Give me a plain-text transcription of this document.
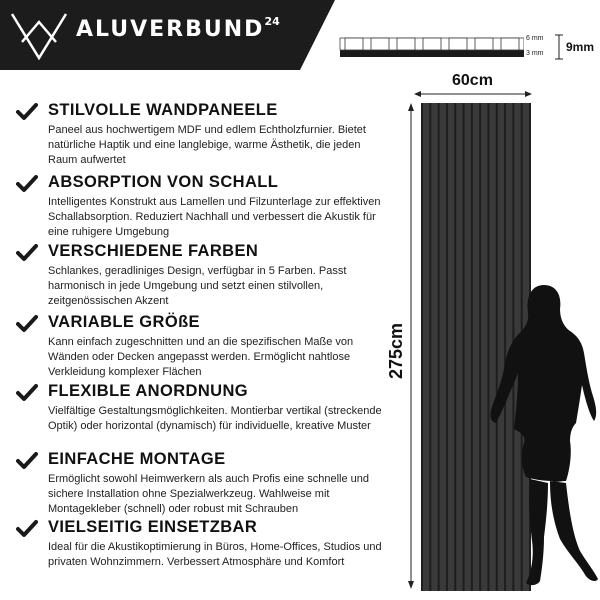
ALUVERBUND$^{24}$
6 mm
3 mm 9mm
60cm
275cm
STILVOLLE WANDPANEELE

Paneel aus hochwertigem MDF und edlem Echtholzfurnier. Bietet natürliche Haptik und eine langlebige, warme Ästhetik, die jeden Raum aufwertet

ABSORPTION VON SCHALL

Intelligentes Konstrukt aus Lamellen und Filzunterlage zur effektiven Schallabsorption. Reduziert Nachhall und verbessert die Akustik für eine ruhigere Umgebung

VERSCHIEDENE FARBEN

Schlankes, geradliniges Design, verfügbar in 5 Farben. Passt harmonisch in jede Umgebung und setzt einen stilvollen, zeitgenössischen Akzent

VARIABLE GRÖßE

Kann einfach zugeschnitten und an die spezifischen Maße von Wänden oder Decken angepasst werden. Ermöglicht nahtlose Verkleidung komplexer Flächen

FLEXIBLE ANORDNUNG

Vielfältige Gestaltungsmöglichkeiten. Montierbar vertikal (streckende Optik) oder horizontal (dynamisch) für individuelle, kreative Muster

EINFACHE MONTAGE

Ermöglicht sowohl Heimwerkern als auch Profis eine schnelle und sichere Installation ohne Spezialwerkzeug. Wahlweise mit Montagekleber (schnell) oder robust mit Schrauben

VIELSEITIG EINSETZBAR

Ideal für die Akustikoptimierung in Büros, Home-Offices, Studios und privaten Wohnzimmern. Verbessert Atmosphäre und Komfort
